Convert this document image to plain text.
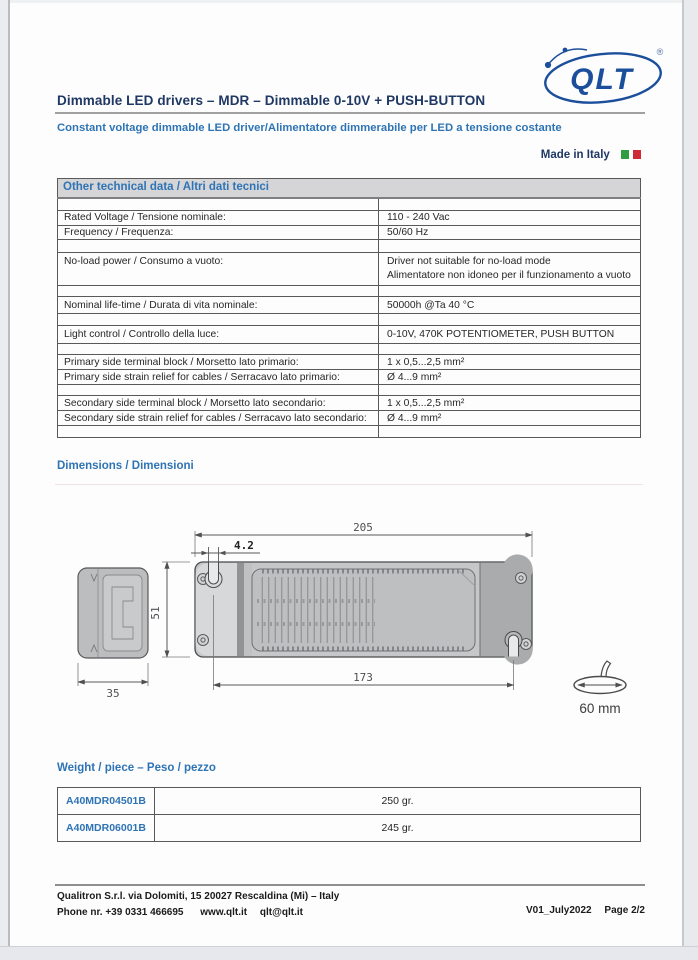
QLT
®
Dimmable LED drivers – MDR – Dimmable 0-10V + PUSH-BUTTON
Constant voltage dimmable LED driver/Alimentatore dimmerabile per LED a tensione costante
Made in Italy
Other technical data / Altri dati tecnici	

Rated Voltage / Tensione nominale:	110 - 240 Vac
Frequency / Frequenza:	50/60 Hz

No-load power / Consumo a vuoto:	Driver not suitable for no-load mode
Alimentatore non idoneo per il funzionamento a vuoto

Nominal life-time / Durata di vita nominale:	50000h @Ta 40 °C

Light control / Controllo della luce:	0-10V, 470K POTENTIOMETER, PUSH BUTTON

Primary side terminal block / Morsetto lato primario:	1 x 0,5...2,5 mm²
Primary side strain relief for cables / Serracavo lato primario:	Ø 4...9 mm²

Secondary side terminal block / Morsetto lato secondario:	1 x 0,5...2,5 mm²
Secondary side strain relief for cables / Serracavo lato secondario:	Ø 4...9 mm²

Dimensions / Dimensioni
35
205
4.2
51
173
60 mm
Weight / piece – Peso / pezzo
A40MDR04501B	250 gr.
A40MDR06001B	245 gr.
Qualitron S.r.l. via Dolomiti, 15 20027 Rescaldina (Mi) – Italy
Phone nr. +39 0331 466695 www.qlt.it qlt@qlt.it	V01_July2022 Page 2/2
